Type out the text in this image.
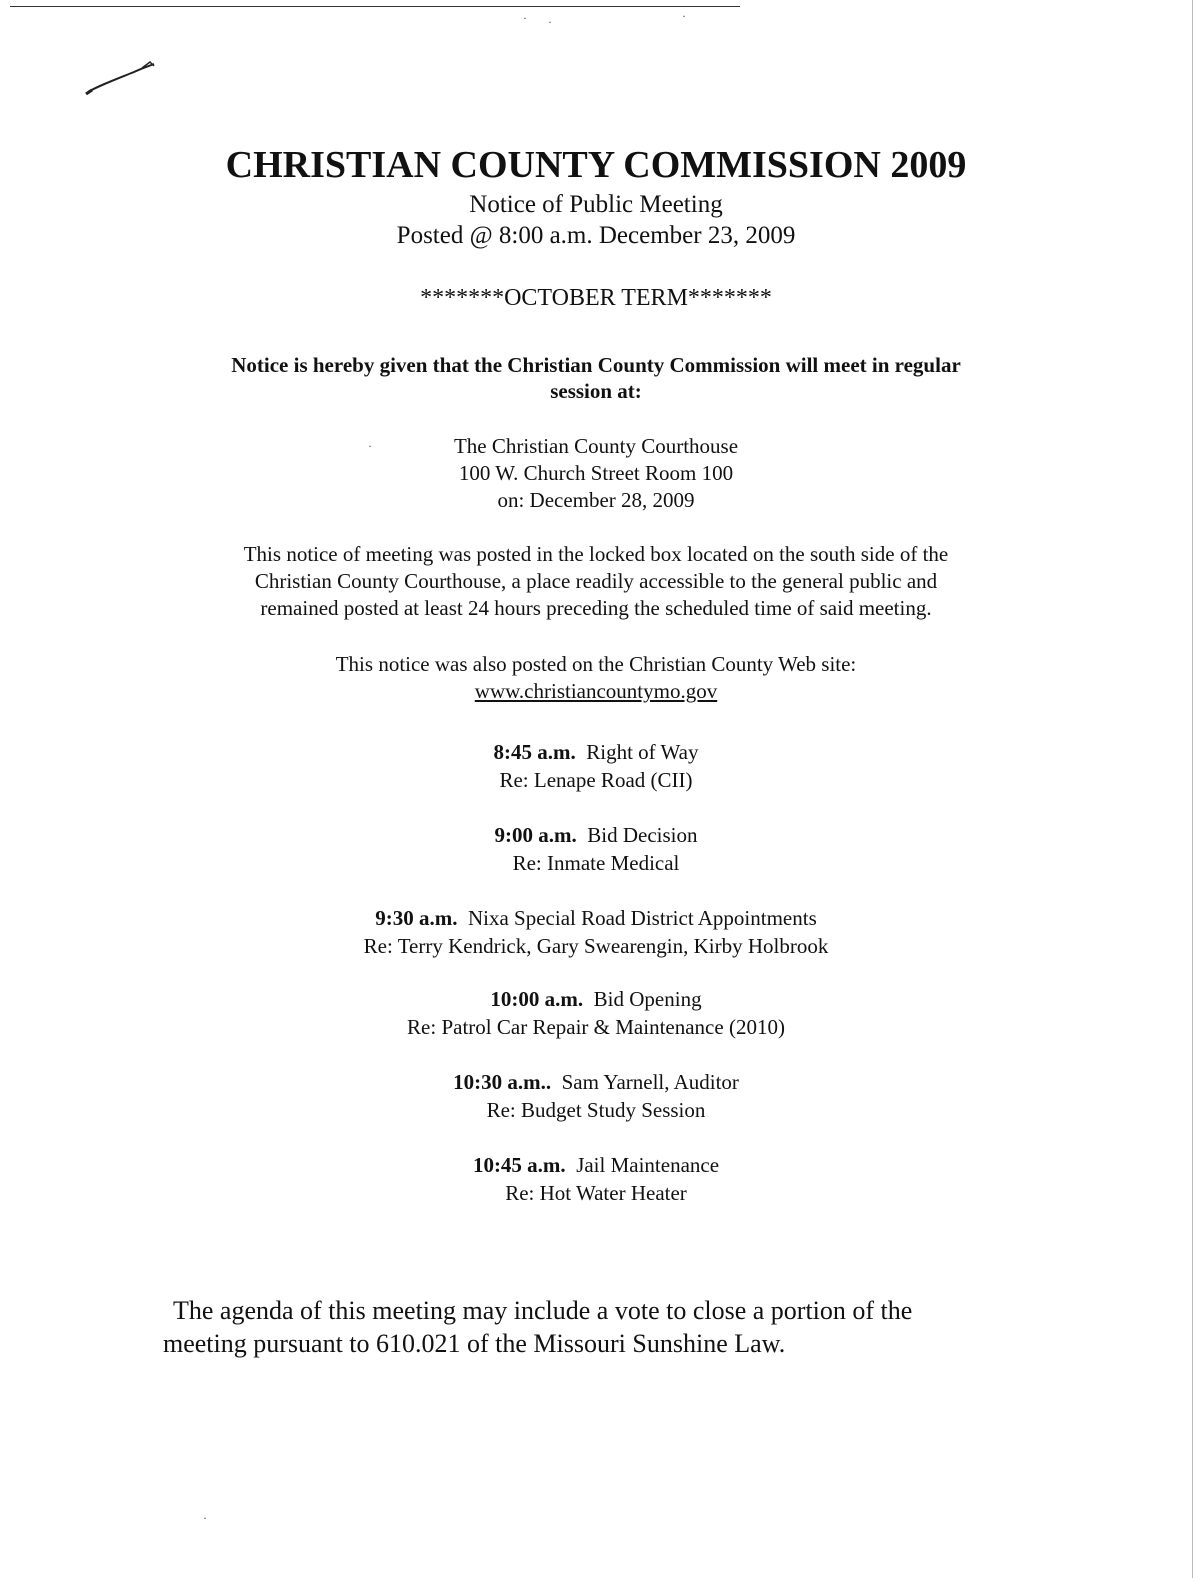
· ·	·
·
·
CHRISTIAN COUNTY COMMISSION 2009
Notice of Public Meeting
Posted @ 8:00 a.m. December 23, 2009
*******OCTOBER TERM*******
Notice is hereby given that the Christian County Commission will meet in regular
session at:
The Christian County Courthouse
100 W. Church Street Room 100
on: December 28, 2009
This notice of meeting was posted in the locked box located on the south side of the
Christian County Courthouse, a place readily accessible to the general public and
remained posted at least 24 hours preceding the scheduled time of said meeting.
This notice was also posted on the Christian County Web site:
www.christiancountymo.gov
8:45 a.m. Right of Way
Re: Lenape Road (CII)
9:00 a.m. Bid Decision
Re: Inmate Medical
9:30 a.m. Nixa Special Road District Appointments
Re: Terry Kendrick, Gary Swearengin, Kirby Holbrook
10:00 a.m. Bid Opening
Re: Patrol Car Repair & Maintenance (2010)
10:30 a.m.. Sam Yarnell, Auditor
Re: Budget Study Session
10:45 a.m. Jail Maintenance
Re: Hot Water Heater
The agenda of this meeting may include a vote to close a portion of the
meeting pursuant to 610.021 of the Missouri Sunshine Law.
